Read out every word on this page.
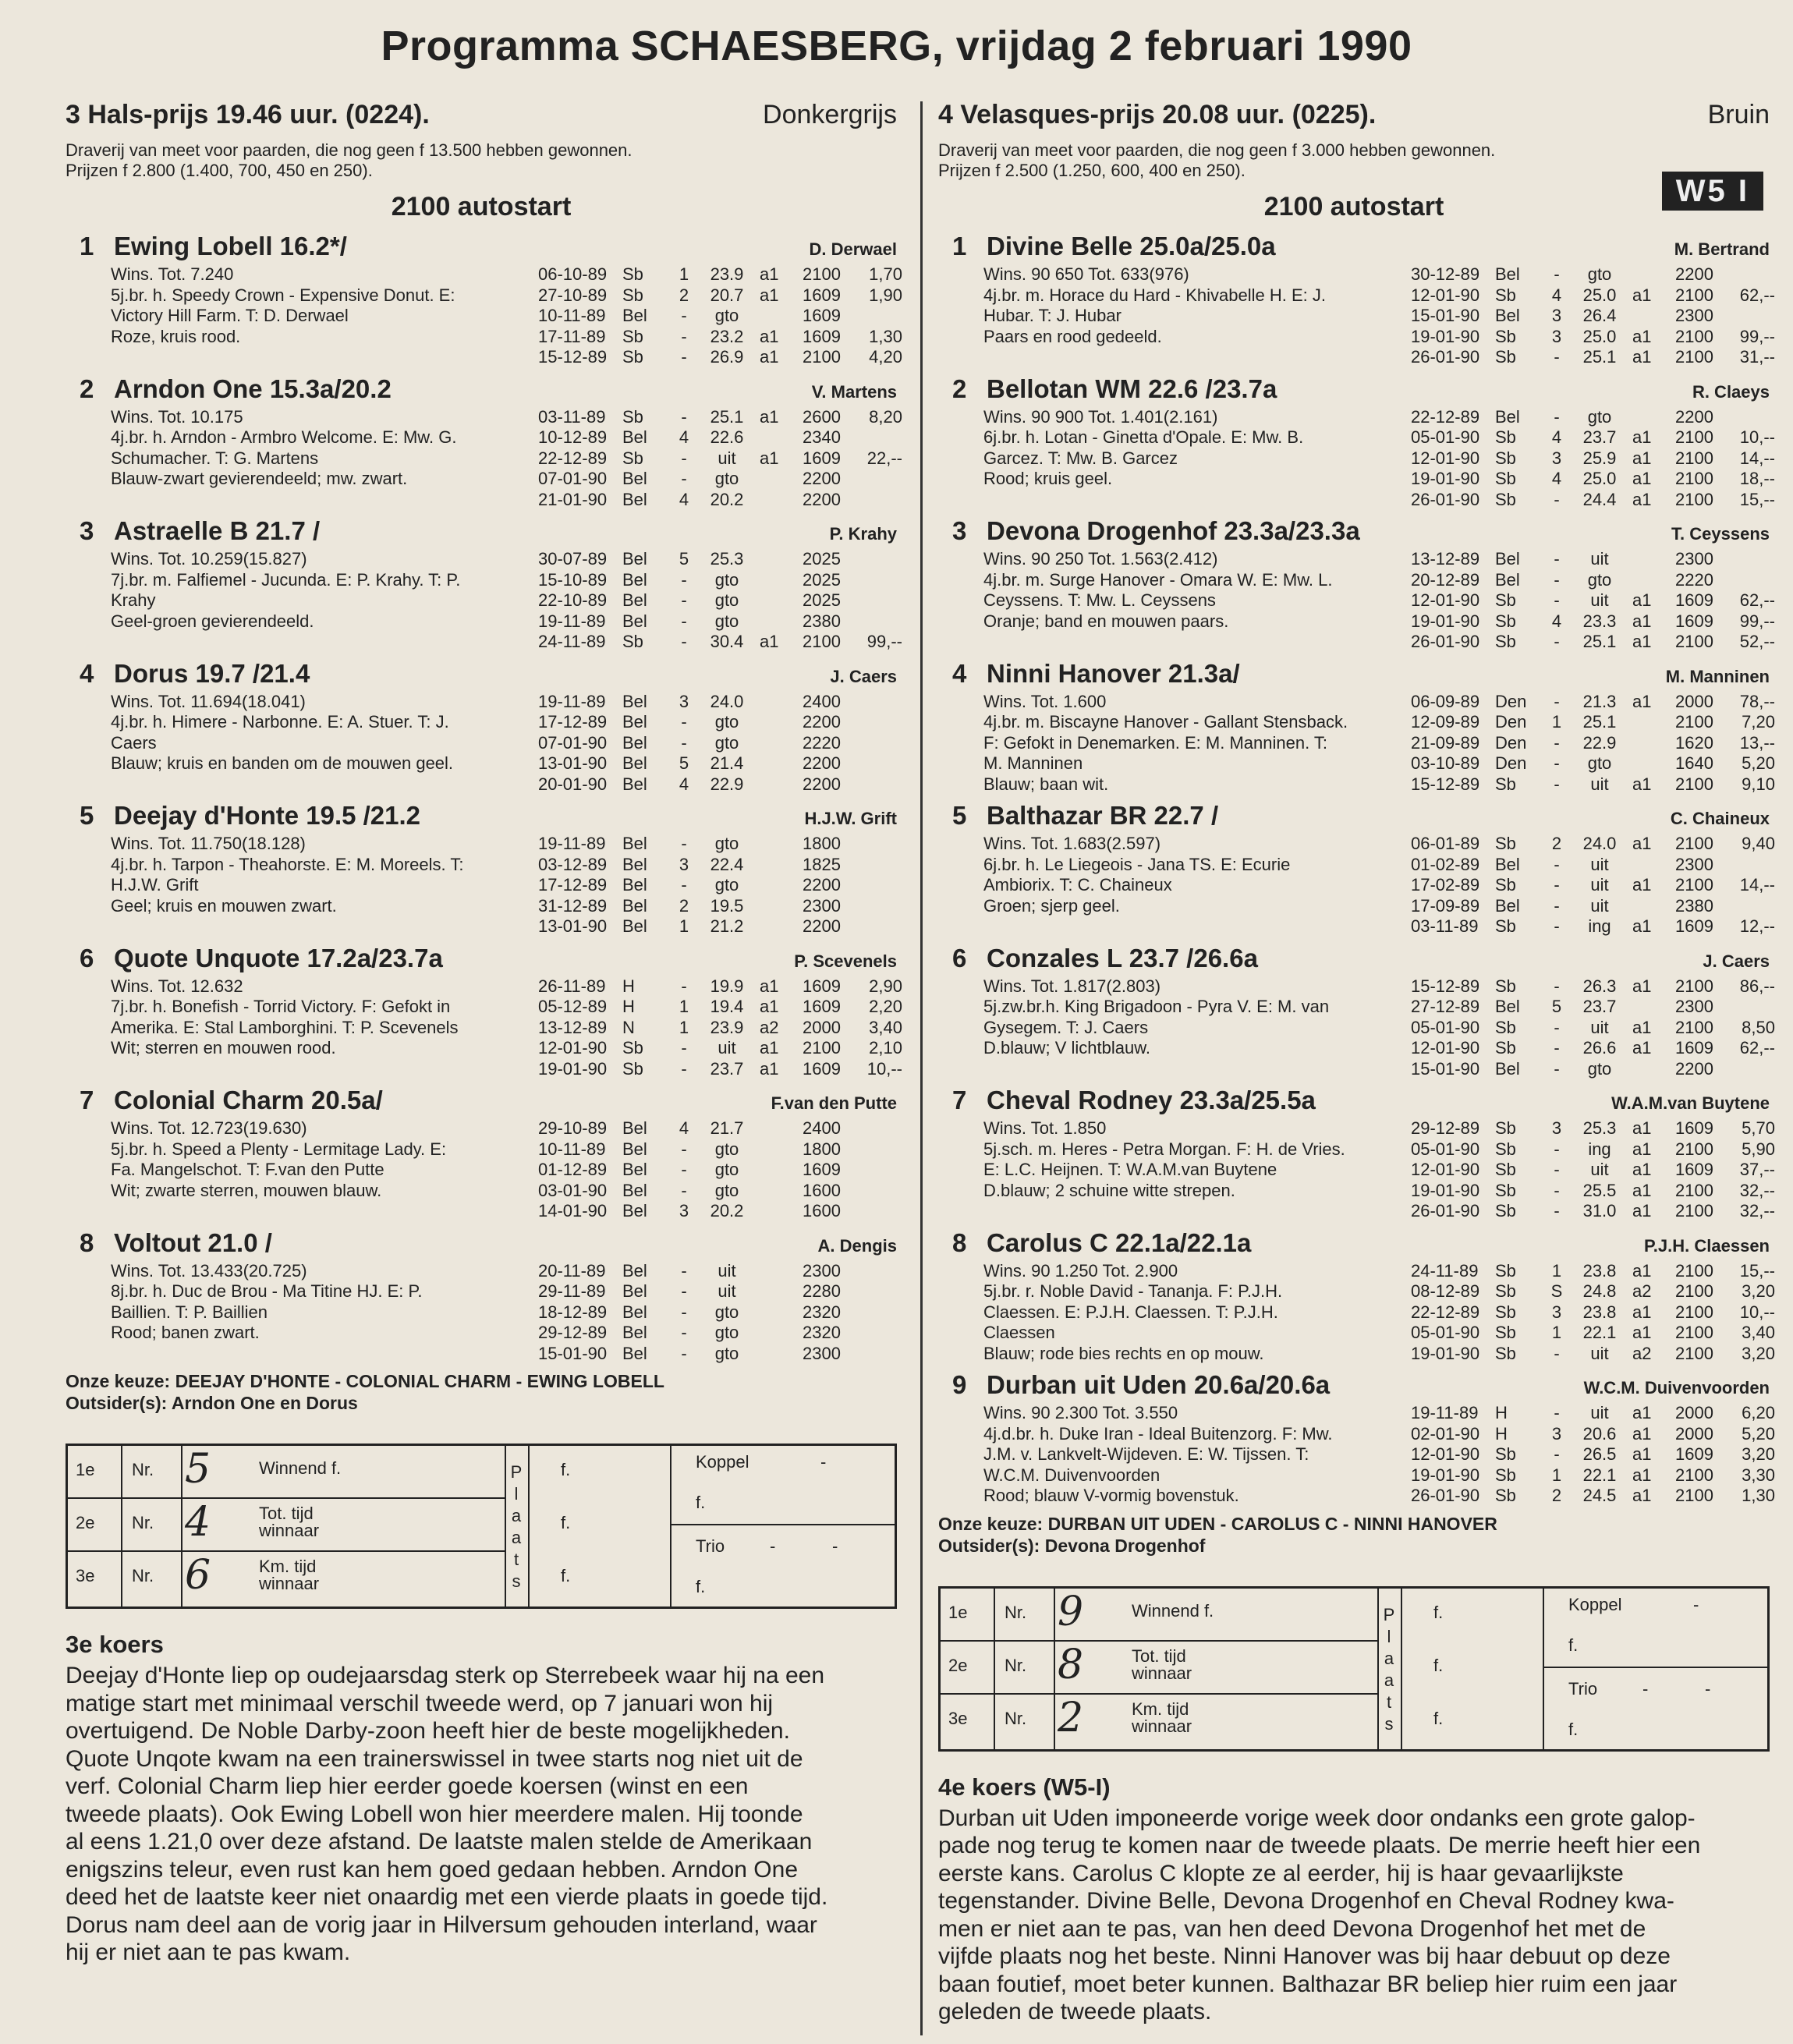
Programma SCHAESBERG, vrijdag 2 februari 1990
3 Hals-prijs 19.46 uur. (0224).	Donkergrijs
Draverij van meet voor paarden, die nog geen f 13.500 hebben gewonnen.
Prijzen f 2.800 (1.400, 700, 450 en 250).
2100 autostart
1 Ewing Lobell 16.2*/	D. Derwael
Wins. Tot. 7.240
5j.br. h. Speedy Crown - Expensive Donut. E:
Victory Hill Farm. T: D. Derwael
Roze, kruis rood.
06-10-89 Sb	1	23.9 a1	2100	1,70
27-10-89 Sb	2	20.7 a1	1609	1,90
10-11-89 Bel	-	gto	1609
17-11-89 Sb	-	23.2 a1	1609	1,30
15-12-89 Sb	-	26.9 a1	2100	4,20
2 Arndon One 15.3a/20.2	V. Martens
Wins. Tot. 10.175
4j.br. h. Arndon - Armbro Welcome. E: Mw. G.
Schumacher. T: G. Martens
Blauw-zwart gevierendeeld; mw. zwart.
03-11-89 Sb	-	25.1 a1	2600	8,20
10-12-89 Bel	4	22.6	2340
22-12-89 Sb	-	uit	a1	1609	22,--
07-01-90 Bel	-	gto	2200
21-01-90 Bel	4	20.2	2200
3 Astraelle B 21.7 /	P. Krahy
Wins. Tot. 10.259(15.827)
7j.br. m. Falfiemel - Jucunda. E: P. Krahy. T: P.
Krahy
Geel-groen gevierendeeld.
30-07-89 Bel	5	25.3	2025
15-10-89 Bel	-	gto	2025
22-10-89 Bel	-	gto	2025
19-11-89 Bel	-	gto	2380
24-11-89 Sb	-	30.4 a1	2100	99,--
4 Dorus 19.7 /21.4	J. Caers
Wins. Tot. 11.694(18.041)
4j.br. h. Himere - Narbonne. E: A. Stuer. T: J.
Caers
Blauw; kruis en banden om de mouwen geel.
19-11-89 Bel	3	24.0	2400
17-12-89 Bel	-	gto	2200
07-01-90 Bel	-	gto	2220
13-01-90 Bel	5	21.4	2200
20-01-90 Bel	4	22.9	2200
5 Deejay d'Honte 19.5 /21.2	H.J.W. Grift
Wins. Tot. 11.750(18.128)
4j.br. h. Tarpon - Theahorste. E: M. Moreels. T:
H.J.W. Grift
Geel; kruis en mouwen zwart.
19-11-89 Bel	-	gto	1800
03-12-89 Bel	3	22.4	1825
17-12-89 Bel	-	gto	2200
31-12-89 Bel	2	19.5	2300
13-01-90 Bel	1	21.2	2200
6 Quote Unquote 17.2a/23.7a	P. Scevenels
Wins. Tot. 12.632
7j.br. h. Bonefish - Torrid Victory. F: Gefokt in
Amerika. E: Stal Lamborghini. T: P. Scevenels
Wit; sterren en mouwen rood.
26-11-89 H	-	19.9 a1	1609	2,90
05-12-89 H	1	19.4 a1	1609	2,20
13-12-89 N	1	23.9 a2	2000	3,40
12-01-90 Sb	-	uit	a1	2100	2,10
19-01-90 Sb	-	23.7 a1	1609	10,--
7 Colonial Charm 20.5a/	F.van den Putte
Wins. Tot. 12.723(19.630)
5j.br. h. Speed a Plenty - Lermitage Lady. E:
Fa. Mangelschot. T: F.van den Putte
Wit; zwarte sterren, mouwen blauw.
29-10-89 Bel	4	21.7	2400
10-11-89 Bel	-	gto	1800
01-12-89 Bel	-	gto	1609
03-01-90 Bel	-	gto	1600
14-01-90 Bel	3	20.2	1600
8 Voltout 21.0 /	A. Dengis
Wins. Tot. 13.433(20.725)
8j.br. h. Duc de Brou - Ma Titine HJ. E: P.
Baillien. T: P. Baillien
Rood; banen zwart.
20-11-89 Bel	-	uit	2300
29-11-89 Bel	-	uit	2280
18-12-89 Bel	-	gto	2320
29-12-89 Bel	-	gto	2320
15-01-90 Bel	-	gto	2300
Onze keuze: DEEJAY D'HONTE - COLONIAL CHARM - EWING LOBELL
Outsider(s): Arndon One en Dorus
1e Nr. 5	Winnend f.	f.
2e Nr. 4	Tot. tijd
winnaar	f.
3e Nr. 6	Km. tijd
winnaar	f.
P
l
a
a
t
s
Koppel	-
f.
Trio	-	-
f.
3e koers
Deejay d'Honte liep op oudejaarsdag sterk op Sterrebeek waar hij na een
matige start met minimaal verschil tweede werd, op 7 januari won hij
overtuigend. De Noble Darby-zoon heeft hier de beste mogelijkheden.
Quote Unqote kwam na een trainerswissel in twee starts nog niet uit de
verf. Colonial Charm liep hier eerder goede koersen (winst en een
tweede plaats). Ook Ewing Lobell won hier meerdere malen. Hij toonde
al eens 1.21,0 over deze afstand. De laatste malen stelde de Amerikaan
enigszins teleur, even rust kan hem goed gedaan hebben. Arndon One
deed het de laatste keer niet onaardig met een vierde plaats in goede tijd.
Dorus nam deel aan de vorig jaar in Hilversum gehouden interland, waar
hij er niet aan te pas kwam.
4 Velasques-prijs 20.08 uur. (0225).	Bruin
Draverij van meet voor paarden, die nog geen f 3.000 hebben gewonnen.
Prijzen f 2.500 (1.250, 600, 400 en 250).
W5 I
2100 autostart
1 Divine Belle 25.0a/25.0a	M. Bertrand
Wins. 90 650 Tot. 633(976)
4j.br. m. Horace du Hard - Khivabelle H. E: J.
Hubar. T: J. Hubar
Paars en rood gedeeld.
30-12-89 Bel	-	gto	2200
12-01-90 Sb	4	25.0 a1	2100	62,--
15-01-90 Bel	3	26.4	2300
19-01-90 Sb	3	25.0 a1	2100	99,--
26-01-90 Sb	-	25.1 a1	2100	31,--
2 Bellotan WM 22.6 /23.7a	R. Claeys
Wins. 90 900 Tot. 1.401(2.161)
6j.br. h. Lotan - Ginetta d'Opale. E: Mw. B.
Garcez. T: Mw. B. Garcez
Rood; kruis geel.
22-12-89 Bel	-	gto	2200
05-01-90 Sb	4	23.7 a1	2100	10,--
12-01-90 Sb	3	25.9 a1	2100	14,--
19-01-90 Sb	4	25.0 a1	2100	18,--
26-01-90 Sb	-	24.4 a1	2100	15,--
3 Devona Drogenhof 23.3a/23.3a	T. Ceyssens
Wins. 90 250 Tot. 1.563(2.412)
4j.br. m. Surge Hanover - Omara W. E: Mw. L.
Ceyssens. T: Mw. L. Ceyssens
Oranje; band en mouwen paars.
13-12-89 Bel	-	uit	2300
20-12-89 Bel	-	gto	2220
12-01-90 Sb	-	uit	a1	1609	62,--
19-01-90 Sb	4	23.3 a1	1609	99,--
26-01-90 Sb	-	25.1 a1	2100	52,--
4 Ninni Hanover 21.3a/	M. Manninen
Wins. Tot. 1.600
4j.br. m. Biscayne Hanover - Gallant Stensback.
F: Gefokt in Denemarken. E: M. Manninen. T:
M. Manninen
Blauw; baan wit.
06-09-89 Den	-	21.3 a1	2000	78,--
12-09-89 Den	1	25.1	2100	7,20
21-09-89 Den	-	22.9	1620	13,--
03-10-89 Den	-	gto	1640	5,20
15-12-89 Sb	-	uit	a1	2100	9,10
5 Balthazar BR 22.7 /	C. Chaineux
Wins. Tot. 1.683(2.597)
6j.br. h. Le Liegeois - Jana TS. E: Ecurie
Ambiorix. T: C. Chaineux
Groen; sjerp geel.
06-01-89 Sb	2	24.0 a1	2100	9,40
01-02-89 Bel	-	uit	2300
17-02-89 Sb	-	uit	a1	2100	14,--
17-09-89 Bel	-	uit	2380
03-11-89 Sb	-	ing	a1	1609	12,--
6 Conzales L 23.7 /26.6a	J. Caers
Wins. Tot. 1.817(2.803)
5j.zw.br.h. King Brigadoon - Pyra V. E: M. van
Gysegem. T: J. Caers
D.blauw; V lichtblauw.
15-12-89 Sb	-	26.3 a1	2100	86,--
27-12-89 Bel	5	23.7	2300
05-01-90 Sb	-	uit	a1	2100	8,50
12-01-90 Sb	-	26.6 a1	1609	62,--
15-01-90 Bel	-	gto	2200
7 Cheval Rodney 23.3a/25.5a	W.A.M.van Buytene
Wins. Tot. 1.850
5j.sch. m. Heres - Petra Morgan. F: H. de Vries.
E: L.C. Heijnen. T: W.A.M.van Buytene
D.blauw; 2 schuine witte strepen.
29-12-89 Sb	3	25.3 a1	1609	5,70
05-01-90 Sb	-	ing	a1	2100	5,90
12-01-90 Sb	-	uit	a1	1609	37,--
19-01-90 Sb	-	25.5 a1	2100	32,--
26-01-90 Sb	-	31.0 a1	2100	32,--
8 Carolus C 22.1a/22.1a	P.J.H. Claessen
Wins. 90 1.250 Tot. 2.900
5j.br. r. Noble David - Tananja. F: P.J.H.
Claessen. E: P.J.H. Claessen. T: P.J.H.
Claessen
Blauw; rode bies rechts en op mouw.
24-11-89 Sb	1	23.8 a1	2100	15,--
08-12-89 Sb	S	24.8 a2	2100	3,20
22-12-89 Sb	3	23.8 a1	2100	10,--
05-01-90 Sb	1	22.1 a1	2100	3,40
19-01-90 Sb	-	uit	a2	2100	3,20
9 Durban uit Uden 20.6a/20.6a	W.C.M. Duivenvoorden
Wins. 90 2.300 Tot. 3.550
4j.d.br. h. Duke Iran - Ideal Buitenzorg. F: Mw.
J.M. v. Lankvelt-Wijdeven. E: W. Tijssen. T:
W.C.M. Duivenvoorden
Rood; blauw V-vormig bovenstuk.
19-11-89 H	-	uit	a1	2000	6,20
02-01-90 H	3	20.6 a1	2000	5,20
12-01-90 Sb	-	26.5 a1	1609	3,20
19-01-90 Sb	1	22.1 a1	2100	3,30
26-01-90 Sb	2	24.5 a1	2100	1,30
Onze keuze: DURBAN UIT UDEN - CAROLUS C - NINNI HANOVER
Outsider(s): Devona Drogenhof
1e Nr. 9	Winnend f.	f.
2e Nr. 8	Tot. tijd
winnaar	f.
3e Nr. 2	Km. tijd
winnaar	f.
P
l
a
a
t
s
Koppel	-
f.
Trio	-	-
f.
4e koers (W5-I)
Durban uit Uden imponeerde vorige week door ondanks een grote galop-
pade nog terug te komen naar de tweede plaats. De merrie heeft hier een
eerste kans. Carolus C klopte ze al eerder, hij is haar gevaarlijkste
tegenstander. Divine Belle, Devona Drogenhof en Cheval Rodney kwa-
men er niet aan te pas, van hen deed Devona Drogenhof het met de
vijfde plaats nog het beste. Ninni Hanover was bij haar debuut op deze
baan foutief, moet beter kunnen. Balthazar BR beliep hier ruim een jaar
geleden de tweede plaats.
